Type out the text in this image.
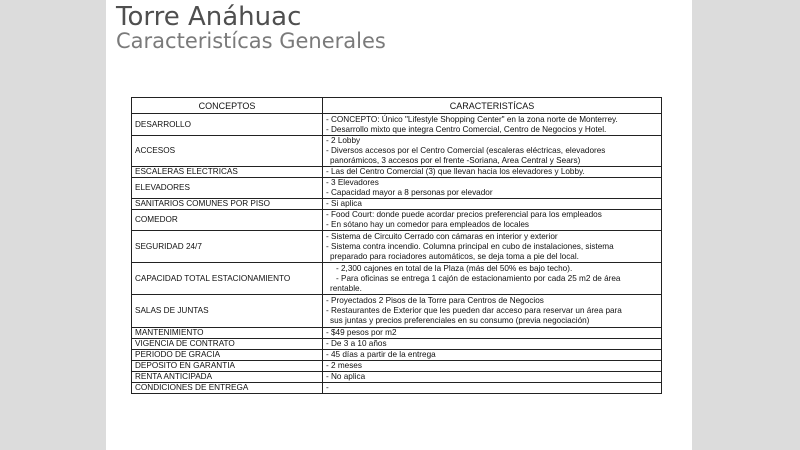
Torre Anáhuac
Caracteristícas Generales
CONCEPTOS	CARACTERISTÍCAS
DESARROLLO	- CONCEPTO: Único "Lifestyle Shopping Center" en la zona norte de Monterrey.
- Desarrollo mixto que integra Centro Comercial, Centro de Negocios y Hotel.

ACCESOS	- 2 Lobby
- Diversos accesos por el Centro Comercial (escaleras eléctricas, elevadores
panorámicos, 3 accesos por el frente -Soriana, Area Central y Sears)

ESCALERAS ELECTRICAS	- Las del Centro Comercial (3) que llevan hacia los elevadores y Lobby.

ELEVADORES	- 3 Elevadores
- Capacidad mayor a 8 personas por elevador

SANITARIOS COMUNES POR PISO	- Si aplica

COMEDOR	- Food Court: donde puede acordar precios preferencial para los empleados
- En sótano hay un comedor para empleados de locales

SEGURIDAD 24/7	- Sistema de Circuito Cerrado con cámaras en interior y exterior
- Sistema contra incendio. Columna principal en cubo de instalaciones, sistema
preparado para rociadores automáticos, se deja toma a pie del local.

CAPACIDAD TOTAL ESTACIONAMIENTO	- 2,300 cajones en total de la Plaza (más del 50% es bajo techo).
- Para oficinas se entrega 1 cajón de estacionamiento por cada 25 m2 de área
rentable.

SALAS DE JUNTAS	- Proyectados 2 Pisos de la Torre para Centros de Negocios
- Restaurantes de Exterior que les pueden dar acceso para reservar un área para
sus juntas y precios preferenciales en su consumo (previa negociación)

MANTENIMIENTO	- $49 pesos por m2

VIGENCIA DE CONTRATO	- De 3 a 10 años

PERIODO DE GRACIA	- 45 días a partir de la entrega

DEPOSITO EN GARANTIA	- 2 meses

RENTA ANTICIPADA	- No aplica

CONDICIONES DE ENTREGA	-
